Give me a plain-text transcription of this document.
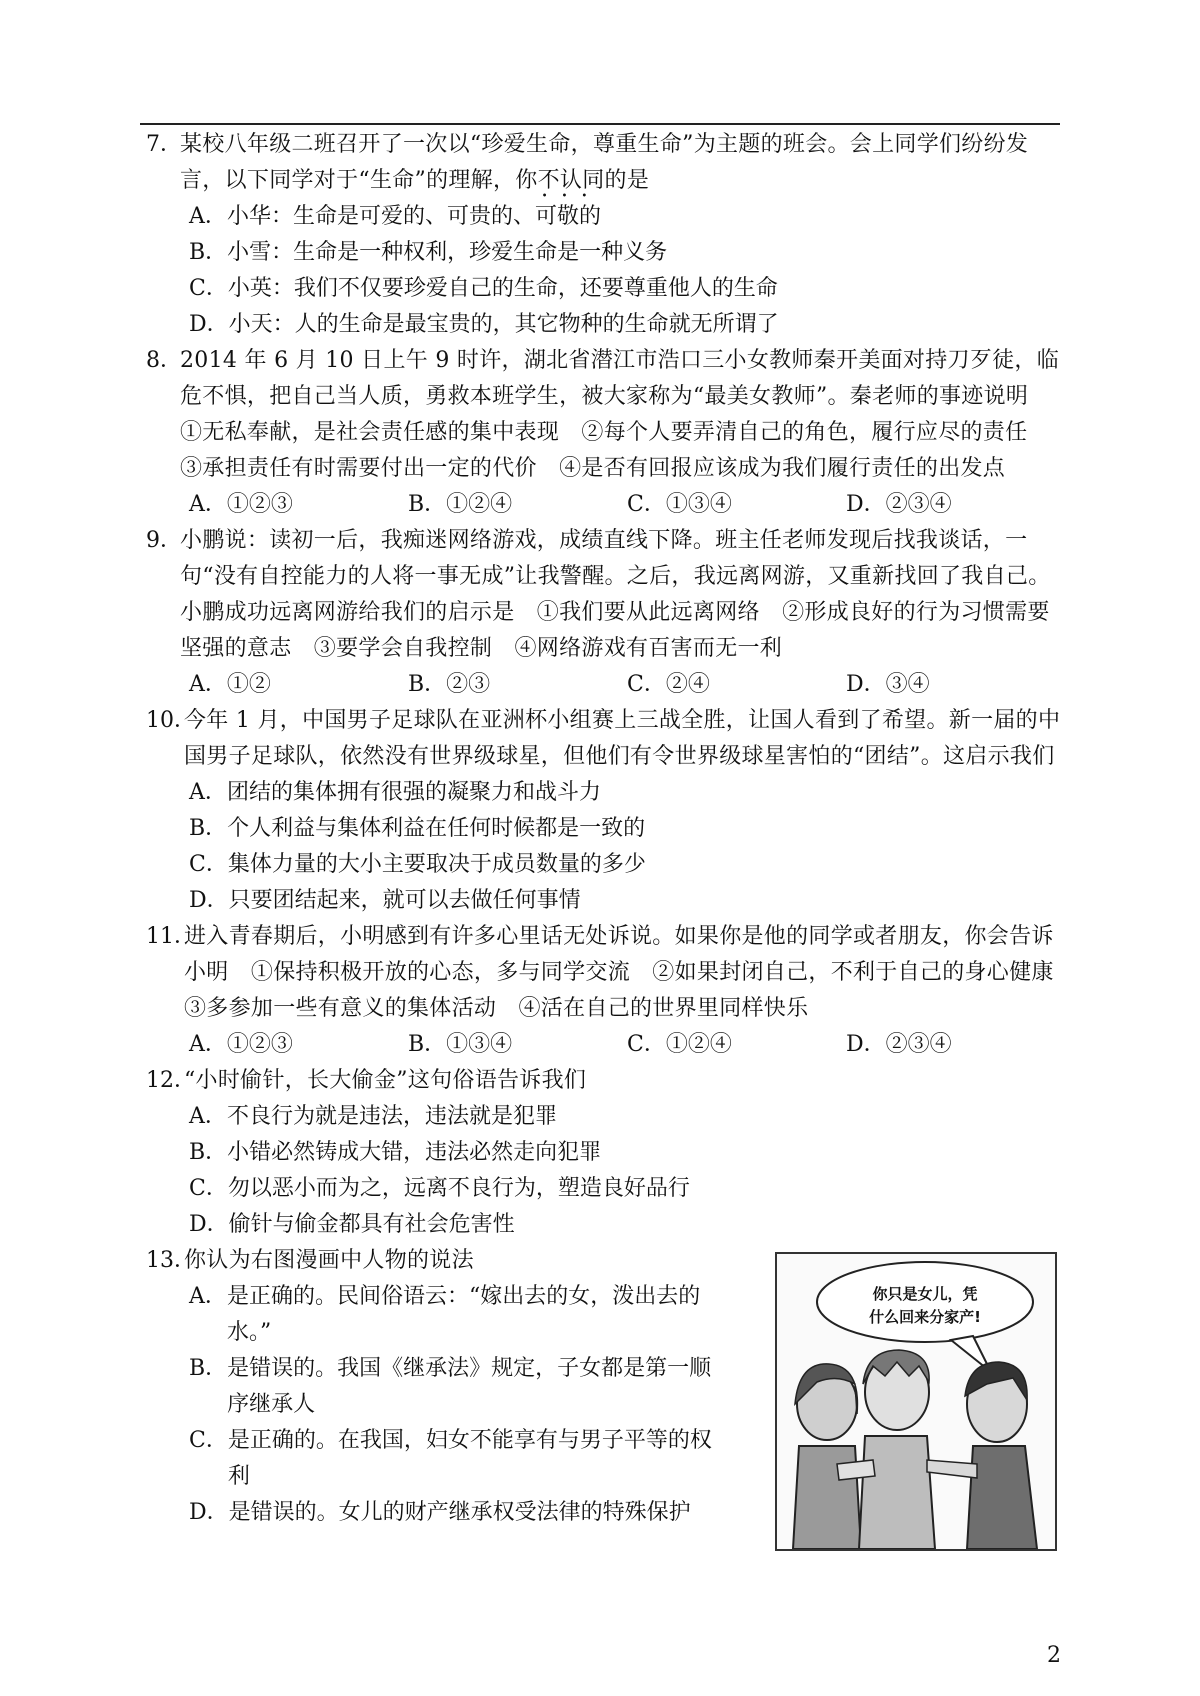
7．
某校八年级二班召开了一次以“珍爱生命，尊重生命”为主题的班会。会上同学们纷纷发言，以下同学对于“生命”的理解，你不认同 •••的是
A． 小华：生命是可爱的、可贵的、可敬的
B． 小雪：生命是一种权利，珍爱生命是一种义务
C． 小英：我们不仅要珍爱自己的生命，还要尊重他人的生命
D． 小天：人的生命是最宝贵的，其它物种的生命就无所谓了
8．
2014 年 6 月 10 日上午 9 时许，湖北省潜江市浩口三小女教师秦开美面对持刀歹徒，临危不惧，把自己当人质，勇救本班学生，被大家称为“最美女教师”。秦老师的事迹说明　①无私奉献，是社会责任感的集中表现　②每个人要弄清自己的角色，履行应尽的责任　③承担责任有时需要付出一定的代价　④是否有回报应该成为我们履行责任的出发点
A．①②③	B．①②④	C．①③④	D．②③④
9．
小鹏说：读初一后，我痴迷网络游戏，成绩直线下降。班主任老师发现后找我谈话，一句“没有自控能力的人将一事无成”让我警醒。之后，我远离网游，又重新找回了我自己。小鹏成功远离网游给我们的启示是　①我们要从此远离网络　②形成良好的行为习惯需要坚强的意志　③要学会自我控制　④网络游戏有百害而无一利
A．①②	B．②③	C．②④	D．③④
10．
今年 1 月，中国男子足球队在亚洲杯小组赛上三战全胜，让国人看到了希望。新一届的中国男子足球队，依然没有世界级球星，但他们有令世界级球星害怕的“团结”。这启示我们
A． 团结的集体拥有很强的凝聚力和战斗力
B． 个人利益与集体利益在任何时候都是一致的
C． 集体力量的大小主要取决于成员数量的多少
D． 只要团结起来，就可以去做任何事情
11．
进入青春期后，小明感到有许多心里话无处诉说。如果你是他的同学或者朋友，你会告诉小明　①保持积极开放的心态，多与同学交流　②如果封闭自己，不利于自己的身心健康　③多参加一些有意义的集体活动　④活在自己的世界里同样快乐
A．①②③	B．①③④	C．①②④	D．②③④
12．
“小时偷针，长大偷金”这句俗语告诉我们
A． 不良行为就是违法，违法就是犯罪
B． 小错必然铸成大错，违法必然走向犯罪
C． 勿以恶小而为之，远离不良行为，塑造良好品行
D． 偷针与偷金都具有社会危害性
13．
你认为右图漫画中人物的说法
A． 是正确的。民间俗语云：“嫁出去的女，泼出去的水。”
B． 是错误的。我国《继承法》规定，子女都是第一顺序继承人
C． 是正确的。在我国，妇女不能享有与男子平等的权利
D． 是错误的。女儿的财产继承权受法律的特殊保护
你只是女儿，凭
什么回来分家产!
2
